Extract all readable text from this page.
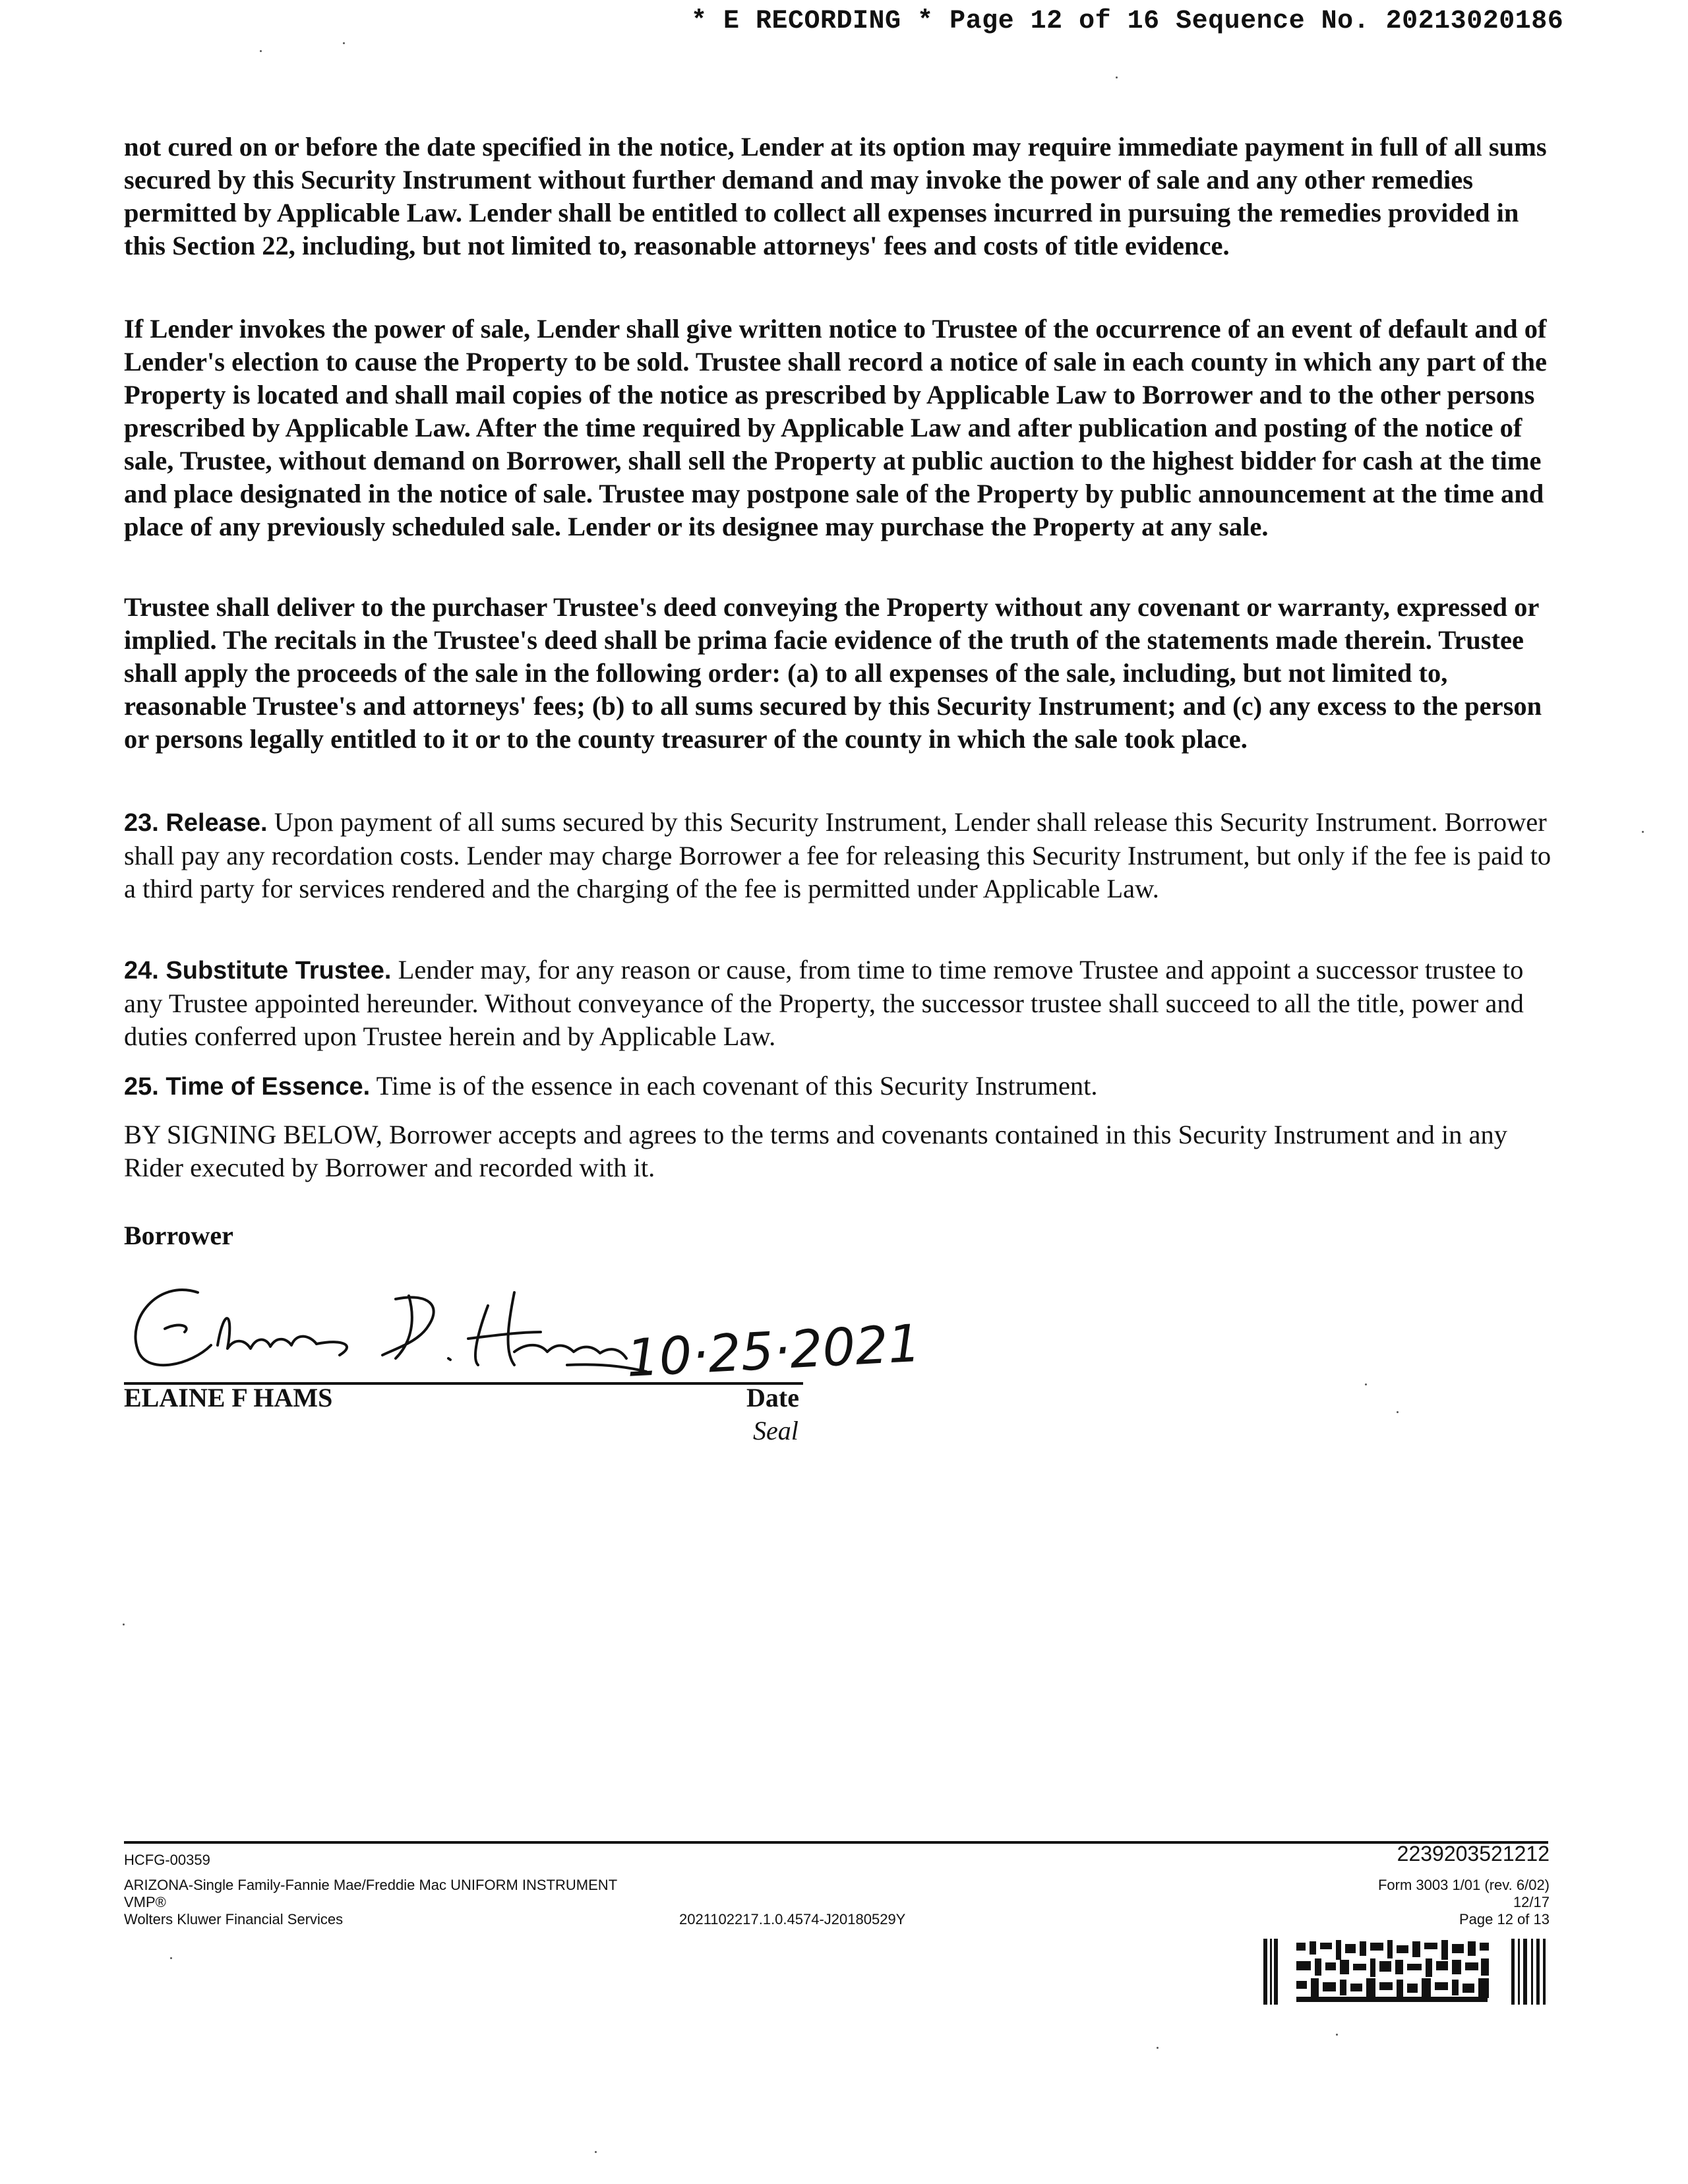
* E RECORDING * Page 12 of 16 Sequence No. 20213020186

not cured on or before the date specified in the notice, Lender at its option may require immediate payment in full of all sums secured by this Security Instrument without further demand and may invoke the power of sale and any other remedies permitted by Applicable Law. Lender shall be entitled to collect all expenses incurred in pursuing the remedies provided in this Section 22, including, but not limited to, reasonable attorneys' fees and costs of title evidence.

If Lender invokes the power of sale, Lender shall give written notice to Trustee of the occurrence of an event of default and of Lender's election to cause the Property to be sold. Trustee shall record a notice of sale in each county in which any part of the Property is located and shall mail copies of the notice as prescribed by Applicable Law to Borrower and to the other persons prescribed by Applicable Law. After the time required by Applicable Law and after publication and posting of the notice of sale, Trustee, without demand on Borrower, shall sell the Property at public auction to the highest bidder for cash at the time and place designated in the notice of sale. Trustee may postpone sale of the Property by public announcement at the time and place of any previously scheduled sale. Lender or its designee may purchase the Property at any sale.

Trustee shall deliver to the purchaser Trustee's deed conveying the Property without any covenant or warranty, expressed or implied. The recitals in the Trustee's deed shall be prima facie evidence of the truth of the statements made therein. Trustee shall apply the proceeds of the sale in the following order: (a) to all expenses of the sale, including, but not limited to, reasonable Trustee's and attorneys' fees; (b) to all sums secured by this Security Instrument; and (c) any excess to the person or persons legally entitled to it or to the county treasurer of the county in which the sale took place.

23. Release. Upon payment of all sums secured by this Security Instrument, Lender shall release this Security Instrument. Borrower shall pay any recordation costs. Lender may charge Borrower a fee for releasing this Security Instrument, but only if the fee is paid to a third party for services rendered and the charging of the fee is permitted under Applicable Law.

24. Substitute Trustee. Lender may, for any reason or cause, from time to time remove Trustee and appoint a successor trustee to any Trustee appointed hereunder. Without conveyance of the Property, the successor trustee shall succeed to all the title, power and duties conferred upon Trustee herein and by Applicable Law.

25. Time of Essence. Time is of the essence in each covenant of this Security Instrument.

BY SIGNING BELOW, Borrower accepts and agrees to the terms and covenants contained in this Security Instrument and in any Rider executed by Borrower and recorded with it.

Borrower
10·25·2021
ELAINE F HAMS	Date
Seal
HCFG-00359
ARIZONA-Single Family-Fannie Mae/Freddie Mac UNIFORM INSTRUMENT
VMP®
Wolters Kluwer Financial Services	2021102217.1.0.4574-J20180529Y
2239203521212
Form 3003 1/01 (rev. 6/02)
12/17
Page 12 of 13
